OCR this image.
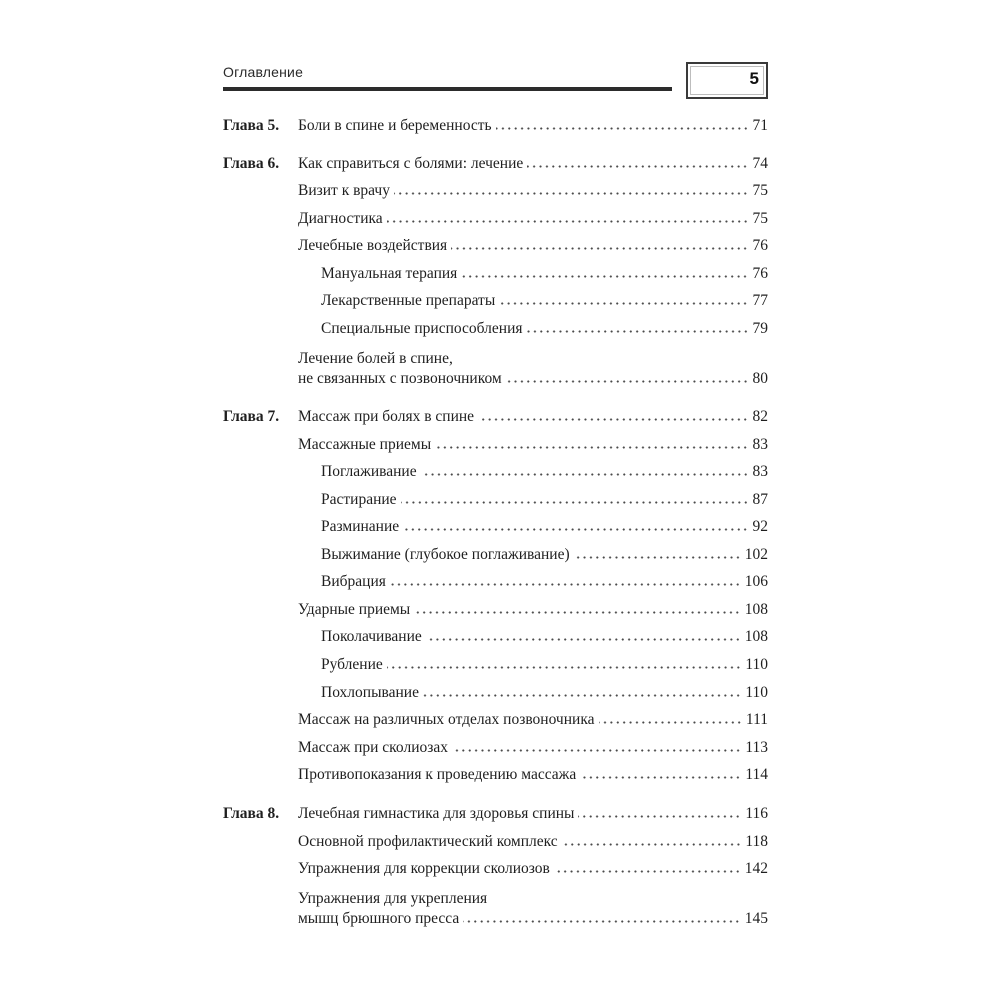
Оглавление	5
Глава 5. Боли в спине и беременность	71
Глава 6. Как справиться с болями: лечение	74
Визит к врачу	75
Диагностика	75
Лечебные воздействия	76
Мануальная терапия	76
Лекарственные препараты	77
Специальные приспособления	79
Лечение болей в спине,
не связанных с позвоночником	80
Глава 7. Массаж при болях в спине	82
Массажные приемы	83
Поглаживание	83
Растирание	87
Разминание	92
Выжимание (глубокое поглаживание)	102
Вибрация	106
Ударные приемы	108
Поколачивание	108
Рубление	110
Похлопывание	110
Массаж на различных отделах позвоночника	111
Массаж при сколиозах	113
Противопоказания к проведению массажа	114
Глава 8. Лечебная гимнастика для здоровья спины	116
Основной профилактический комплекс	118
Упражнения для коррекции сколиозов	142
Упражнения для укрепления
мышц брюшного пресса	145
